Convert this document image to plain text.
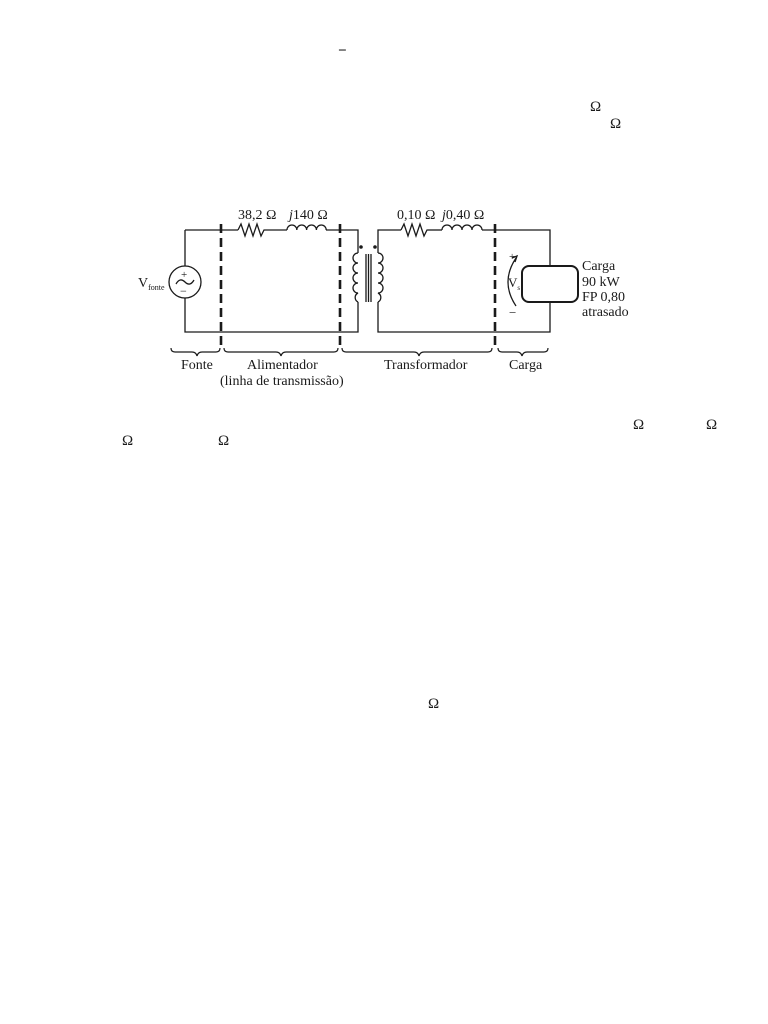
−
Ω
Ω
Ω	Ω
Ω	Ω
Ω
+
−
38,2 Ω j140 Ω	0,10 Ω j0,40 Ω
$V_{fonte}$
+
$V_s$
−
Carga
90 kW
FP 0,80
atrasado
Fonte Alimentador
(linha de transmissão)
Transformador	Carga
